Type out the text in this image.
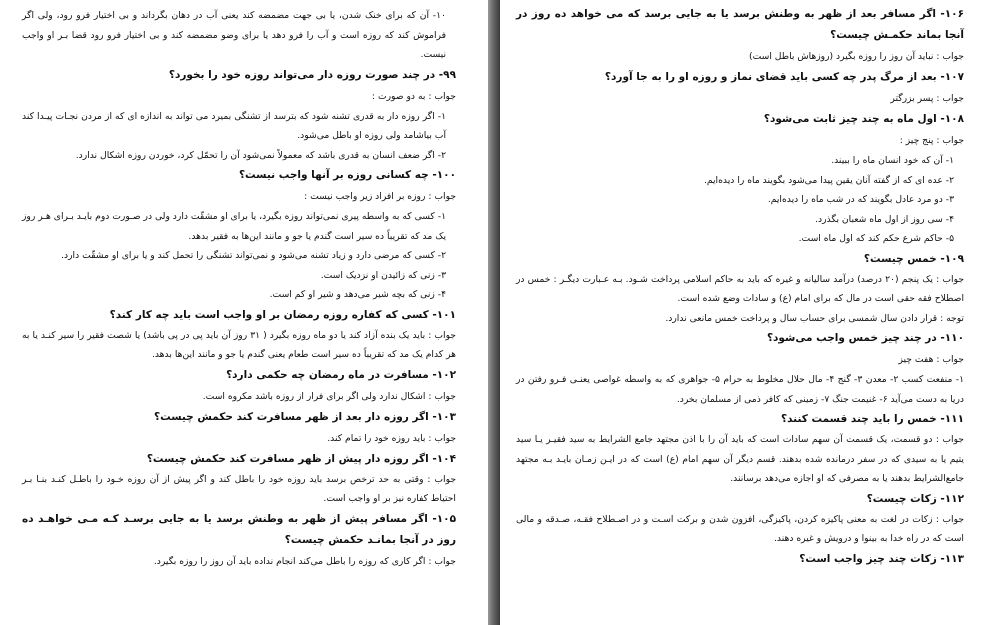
۱۰- آن که برای خنک شدن، یا بی جهت مضمضه کند یعنی آب در دهان بگرداند و بی اختیار فرو رود، ولی اگر فراموش کند که روزه است و آب را فرو دهد یا برای وضو مضمضه کند و بی اختیار فرو رود قضا بـر او واجب نیست.

۹۹- در چند صورت روزه دار می‌تواند روزه خود را بخورد؟

جواب : به دو صورت :

۱- اگر روزه دار به قدری تشنه شود که بترسد از تشنگی بمیرد می تواند به اندازه ای که از مردن نجـات پیـدا کند آب بیاشامد ولی روزه او باطل می‌شود.

۲- اگر ضعف انسان به قدری باشد که معمولاً نمی‌شود آن را تحمّل کرد، خوردن روزه اشکال ندارد.

۱۰۰- چه کسانی روزه بر آنها واجب نیست؟

جواب : روزه بر افراد زیر واجب نیست :

۱- کسی که به واسطه پیری نمی‌تواند روزه بگیرد، یا برای او مشقّت دارد ولی در صـورت دوم بایـد بـرای هـر روز یک مد که تقریباً ده سیر است گندم یا جو و مانند این‌ها به فقیر بدهد.

۲- کسی که مرضی دارد و زیاد تشنه می‌شود و نمی‌تواند تشنگی را تحمل کند و یا برای او مشقّت دارد.

۳- زنی که زائیدن او نزدیک است.

۴- زنی که بچه شیر می‌دهد و شیر او کم است.

۱۰۱- کسی که کفاره روزه رمضان بر او واجب است باید چه کار کند؟

جواب : باید یک بنده آزاد کند یا دو ماه روزه بگیرد ( ۳۱ روز آن باید پی در پی باشد) یا شصت فقیر را سیر کنـد یا به هر کدام یک مد که تقریباً ده سیر است طعام یعنی گندم یا جو و مانند این‌ها بدهد.

۱۰۲- مسافرت در ماه رمضان چه حکمی دارد؟

جواب : اشکال ندارد ولی اگر برای فرار از روزه باشد مکروه است.

۱۰۳- اگر روزه دار بعد از ظهر مسافرت کند حکمش چیست؟

جواب : باید روزه خود را تمام کند.

۱۰۴- اگر روزه دار پیش از ظهر مسافرت کند حکمش چیست؟

جواب : وقتی به حد ترخص برسد باید روزه خود را باطل کند و اگر پیش از آن روزه خـود را باطـل کنـد بنـا بـر احتیاط کفاره نیز بر او واجب است.

۱۰۵- اگر مسافر پیش از ظهر به وطنش برسد یا به جایی برسـد کـه مـی خواهـد ده روز در آنجا بمانـد حکمش چیست؟

جواب : اگر کاری که روزه را باطل می‌کند انجام نداده باید آن روز را روزه بگیرد.

۱۰۶- اگر مسافر بعد از ظهر به وطنش برسد یا به جایی برسد که می خواهد ده روز در آنجا بماند حکمـش چیست؟

جواب : نباید آن روز را روزه بگیرد (روزهاش باطل است)

۱۰۷- بعد از مرگ پدر چه کسی باید قضای نماز و روزه او را به جا آورد؟

جواب : پسر بزرگتر

۱۰۸- اول ماه به چند چیز ثابت می‌شود؟

جواب : پنج چیز :

۱- آن که خود انسان ماه را ببیند.

۲- عده ای که از گفته آنان یقین پیدا می‌شود بگویند ماه را دیده‌ایم.

۳- دو مرد عادل بگویند که در شب ماه را دیده‌ایم.

۴- سی روز از اول ماه شعبان بگذرد.

۵- حاکم شرع حکم کند که اول ماه است.

۱۰۹- خمس چیست؟

جواب : یک پنجم (۲۰ درصد) درآمد سالیانه و غیره که باید به حاکم اسلامی پرداخت شـود. بـه عـبارت دیگـر : خمس در اصطلاح فقه حقی است در مال که برای امام (ع) و سادات وضع شده است.

توجه : قرار دادن سال شمسی برای حساب سال و پرداخت خمس مانعی ندارد.

۱۱۰- در چند چیز خمس واجب می‌شود؟

جواب : هفت چیز

۱- منفعت کسب ۲- معدن ۳- گنج ۴- مال حلال مخلوط به حرام ۵- جواهری که به واسطه غواصی یعنـی فـرو رفتن در دریا به دست می‌آید ۶- غنیمت جنگ ۷- زمینی که کافر ذمی از مسلمان بخرد.

۱۱۱- خمس را باید چند قسمت کنند؟

جواب : دو قسمت، یک قسمت آن سهم سادات است که باید آن را با اذن مجتهد جامع الشرایط به سید فقیـر یـا سید یتیم یا به سیدی که در سفر درمانده شده بدهند. قسم دیگر آن سهم امام (ع) است که در ایـن زمـان بایـد بـه مجتهد جامع‌الشرایط بدهند یا به مصرفی که او اجازه می‌دهد برسانند.

۱۱۲- زکات چیست؟

جواب : زکات در لغت به معنی پاکیزه کردن، پاکیزگی، افزون شدن و برکت اسـت و در اصـطلاح فقـه، صـدقه و مالی است که در راه خدا به بینوا و درویش و غیره دهند.

۱۱۳- زکات چند چیز واجب است؟
